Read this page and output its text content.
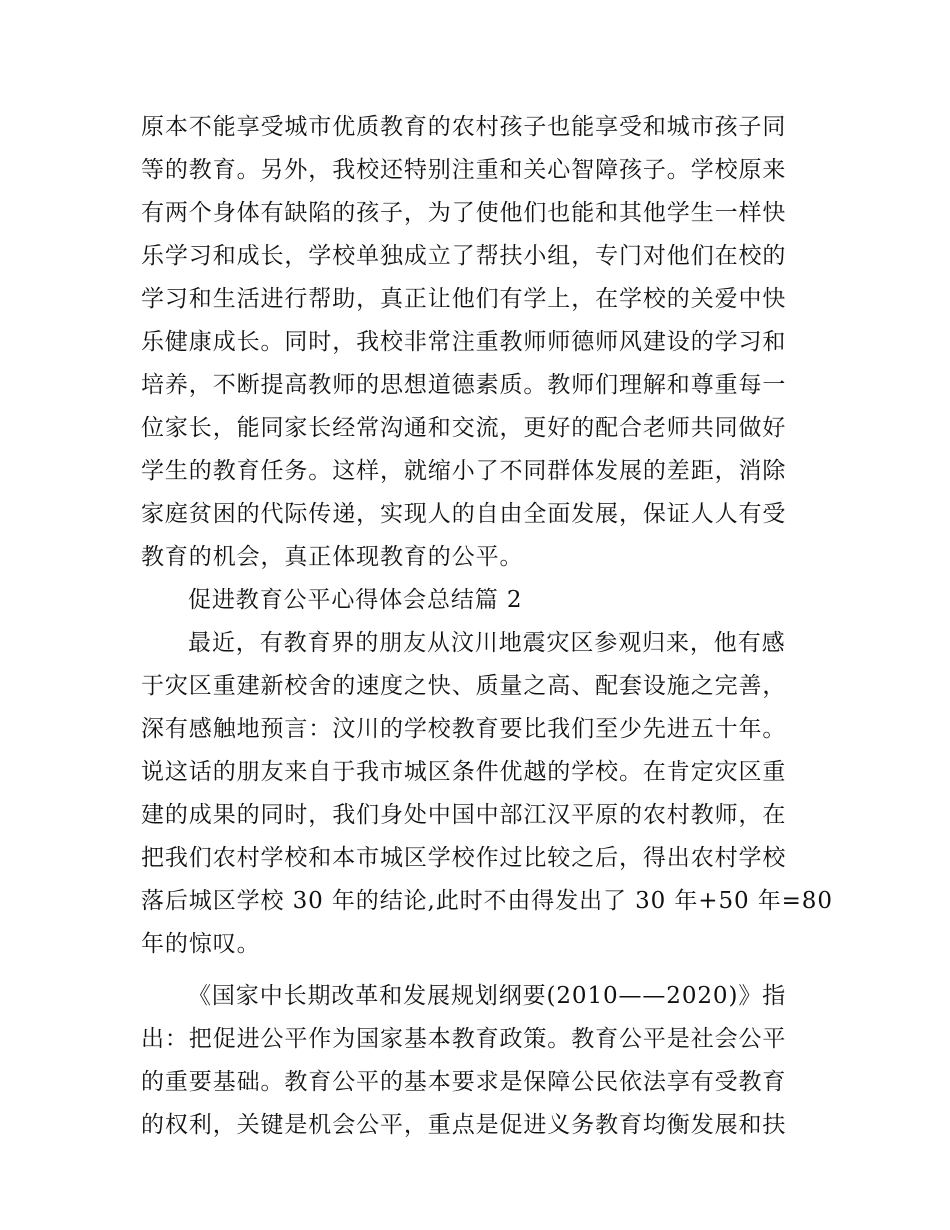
原本不能享受城市优质教育的农村孩子也能享受和城市孩子同
等的教育。另外，我校还特别注重和关心智障孩子。学校原来
有两个身体有缺陷的孩子，为了使他们也能和其他学生一样快
乐学习和成长，学校单独成立了帮扶小组，专门对他们在校的
学习和生活进行帮助，真正让他们有学上，在学校的关爱中快
乐健康成长。同时，我校非常注重教师师德师风建设的学习和
培养，不断提高教师的思想道德素质。教师们理解和尊重每一
位家长，能同家长经常沟通和交流，更好的配合老师共同做好
学生的教育任务。这样，就缩小了不同群体发展的差距，消除
家庭贫困的代际传递，实现人的自由全面发展，保证人人有受
教育的机会，真正体现教育的公平。
促进教育公平心得体会总结篇 2
最近，有教育界的朋友从汶川地震灾区参观归来，他有感
于灾区重建新校舍的速度之快、质量之高、配套设施之完善，
深有感触地预言：汶川的学校教育要比我们至少先进五十年。
说这话的朋友来自于我市城区条件优越的学校。在肯定灾区重
建的成果的同时，我们身处中国中部江汉平原的农村教师，在
把我们农村学校和本市城区学校作过比较之后，得出农村学校
落后城区学校 30 年的结论,此时不由得发出了 30 年+50 年=80
年的惊叹。
《国家中长期改革和发展规划纲要(2010——2020)》指
出：把促进公平作为国家基本教育政策。教育公平是社会公平
的重要基础。教育公平的基本要求是保障公民依法享有受教育
的权利，关键是机会公平，重点是促进义务教育均衡发展和扶
